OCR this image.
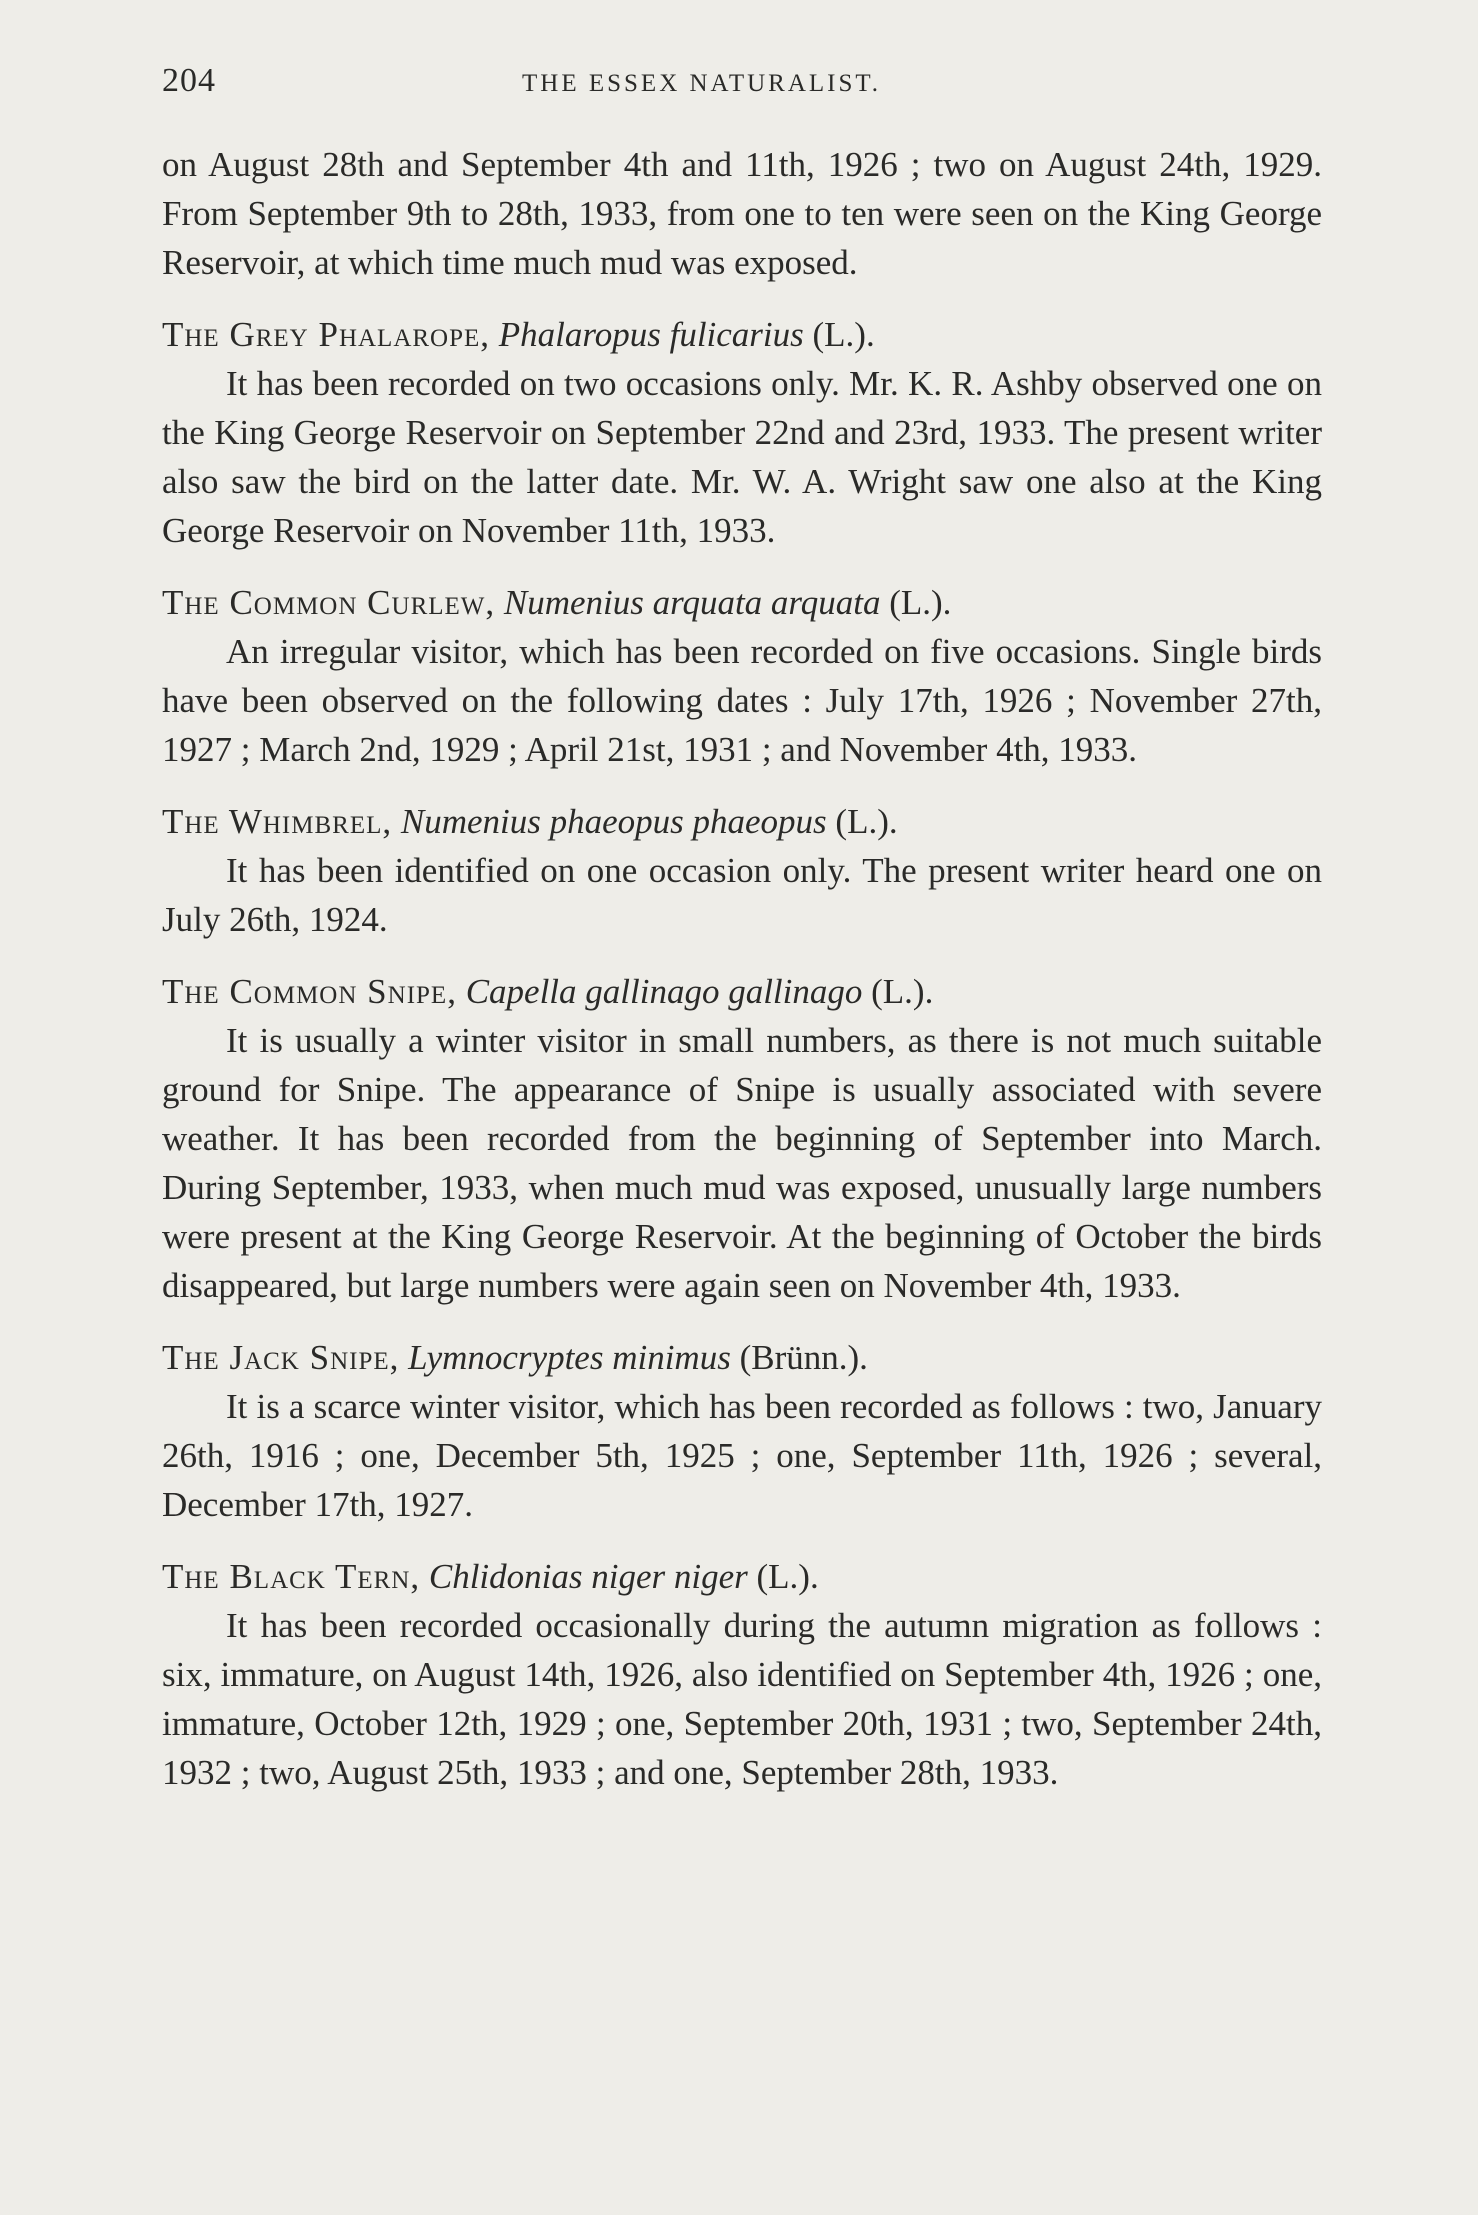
204	THE ESSEX NATURALIST.

on August 28th and September 4th and 11th, 1926 ; two on August 24th, 1929. From September 9th to 28th, 1933, from one to ten were seen on the King George Reservoir, at which time much mud was exposed.

The Grey Phalarope, Phalaropus fulicarius (L.).

It has been recorded on two occasions only. Mr. K. R. Ashby observed one on the King George Reservoir on September 22nd and 23rd, 1933. The present writer also saw the bird on the latter date. Mr. W. A. Wright saw one also at the King George Reservoir on November 11th, 1933.

The Common Curlew, Numenius arquata arquata (L.).

An irregular visitor, which has been recorded on five occasions. Single birds have been observed on the following dates : July 17th, 1926 ; November 27th, 1927 ; March 2nd, 1929 ; April 21st, 1931 ; and November 4th, 1933.

The Whimbrel, Numenius phaeopus phaeopus (L.).

It has been identified on one occasion only. The present writer heard one on July 26th, 1924.

The Common Snipe, Capella gallinago gallinago (L.).

It is usually a winter visitor in small numbers, as there is not much suitable ground for Snipe. The appearance of Snipe is usually associated with severe weather. It has been recorded from the beginning of September into March. During September, 1933, when much mud was exposed, unusually large numbers were present at the King George Reservoir. At the beginning of October the birds disappeared, but large numbers were again seen on November 4th, 1933.

The Jack Snipe, Lymnocryptes minimus (Brünn.).

It is a scarce winter visitor, which has been recorded as follows : two, January 26th, 1916 ; one, December 5th, 1925 ; one, September 11th, 1926 ; several, December 17th, 1927.

The Black Tern, Chlidonias niger niger (L.).

It has been recorded occasionally during the autumn migration as follows : six, immature, on August 14th, 1926, also identified on September 4th, 1926 ; one, immature, October 12th, 1929 ; one, September 20th, 1931 ; two, September 24th, 1932 ; two, August 25th, 1933 ; and one, September 28th, 1933.
